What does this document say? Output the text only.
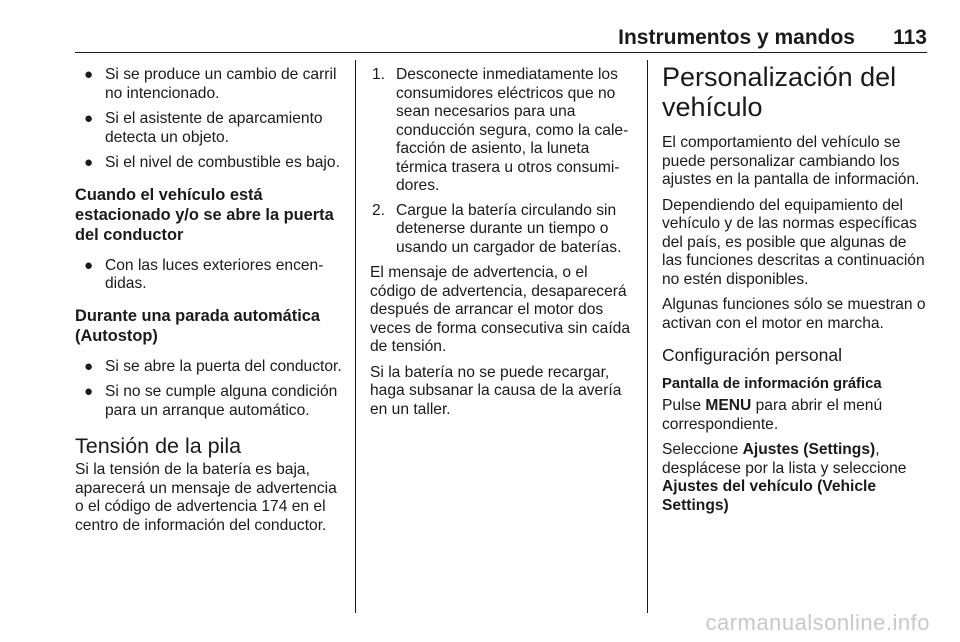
Instrumentos y mandos 113
● Si se produce un cambio de carril no intencionado.
● Si el asistente de aparcamiento detecta un objeto.
● Si el nivel de combustible es bajo.
Cuando el vehículo está estacionado y/o se abre la puerta del conductor
● Con las luces exteriores encendidas.
Durante una parada automática (Autostop)
● Si se abre la puerta del conductor.
● Si no se cumple alguna condición para un arranque automático.
Tensión de la pila

Si la tensión de la batería es baja, aparecerá un mensaje de advertencia o el código de advertencia 174 en el centro de información del conductor.

1. Desconecte inmediatamente los consumidores eléctricos que no sean necesarios para una conducción segura, como la calefacción de asiento, la luneta térmica trasera u otros consumidores.
2. Cargue la batería circulando sin detenerse durante un tiempo o usando un cargador de baterías.

El mensaje de advertencia, o el código de advertencia, desaparecerá después de arrancar el motor dos veces de forma consecutiva sin caída de tensión.

Si la batería no se puede recargar, haga subsanar la causa de la avería en un taller.

Personalización del vehículo

El comportamiento del vehículo se puede personalizar cambiando los ajustes en la pantalla de información.

Dependiendo del equipamiento del vehículo y de las normas específicas del país, es posible que algunas de las funciones descritas a continuación no estén disponibles.

Algunas funciones sólo se muestran o activan con el motor en marcha.

Configuración personal
Pantalla de información gráfica

Pulse MENU para abrir el menú correspondiente.

Seleccione Ajustes (Settings), desplácese por la lista y seleccione Ajustes del vehículo (Vehicle Settings)

carmanualsonline.info
